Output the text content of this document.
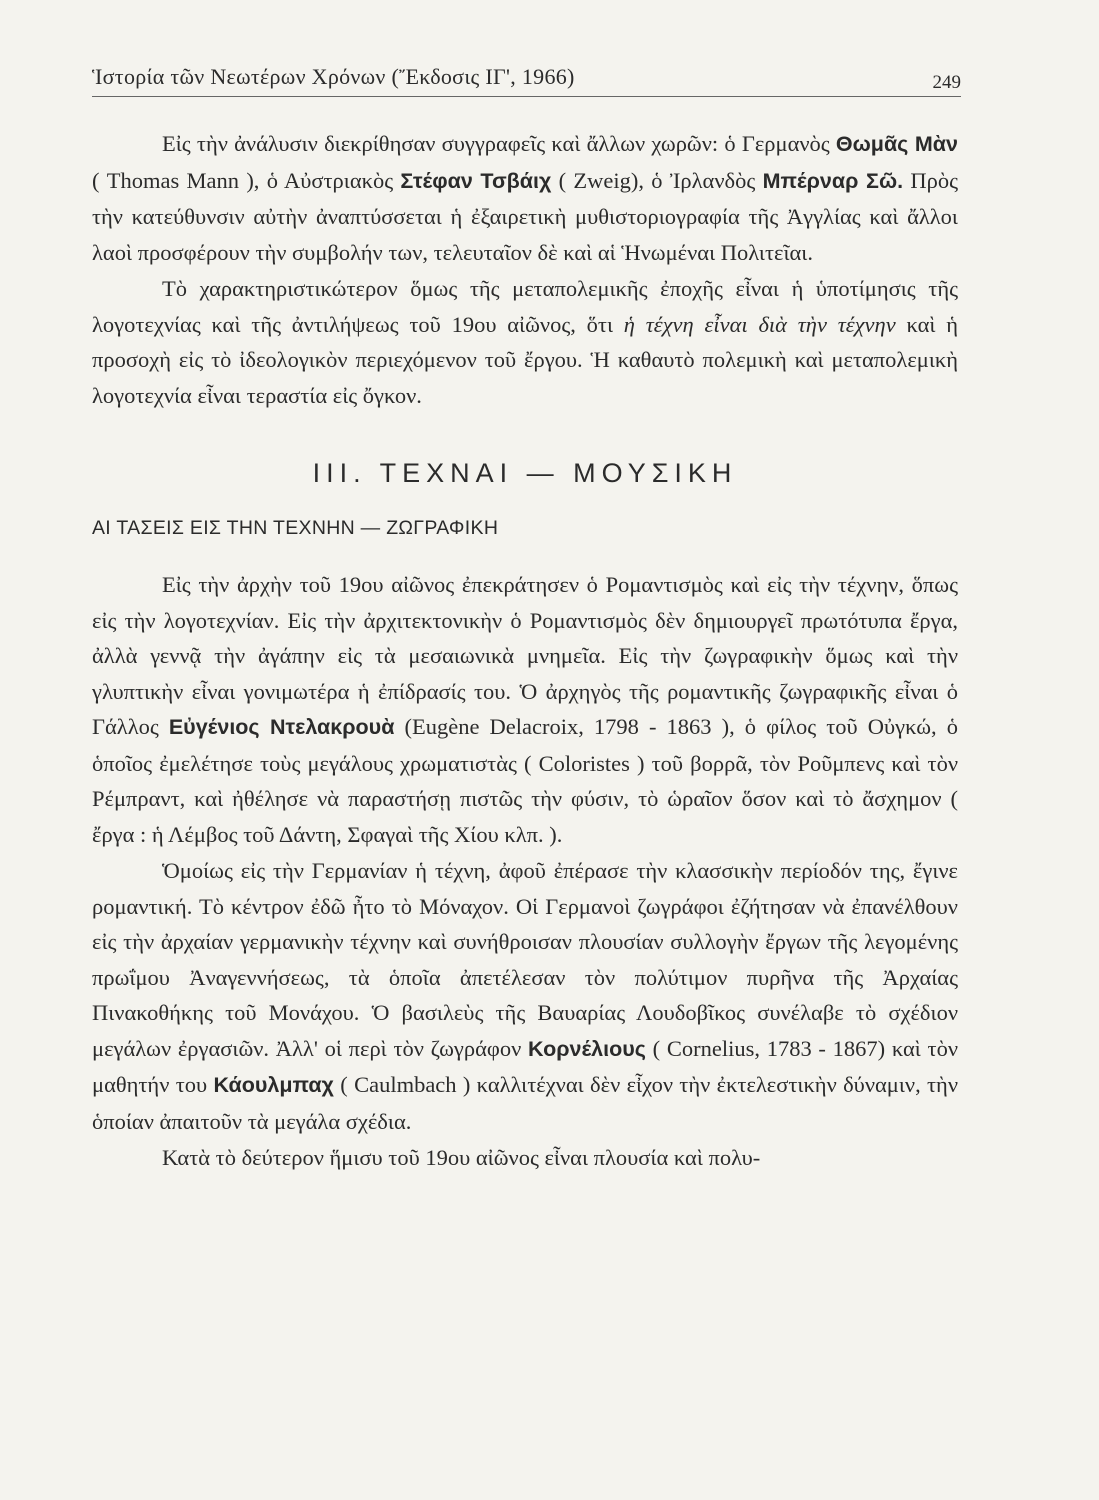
Ἱστορία τῶν Νεωτέρων Χρόνων (Ἔκδοσις ΙΓ', 1966)	249

Εἰς τὴν ἀνάλυσιν διεκρίθησαν συγγραφεῖς καὶ ἄλλων χωρῶν: ὁ Γερμανὸς Θωμᾶς Μὰν ( Thomas Mann ), ὁ Αὐστριακὸς Στέφαν Τσβάιχ ( Zweig), ὁ Ἰρλανδὸς Μπέρναρ Σῶ. Πρὸς τὴν κατεύθυνσιν αὐτὴν ἀναπτύσσεται ἡ ἐξαιρετικὴ μυθιστοριογραφία τῆς Ἀγγλίας καὶ ἄλλοι λαοὶ προσφέρουν τὴν συμβολήν των, τελευταῖον δὲ καὶ αἱ Ἡνωμέναι Πολιτεῖαι.

Τὸ χαρακτηριστικώτερον ὅμως τῆς μεταπολεμικῆς ἐποχῆς εἶναι ἡ ὑποτίμησις τῆς λογοτεχνίας καὶ τῆς ἀντιλήψεως τοῦ 19ου αἰῶνος, ὅτι ἡ τέχνη εἶναι διὰ τὴν τέχνην καὶ ἡ προσοχὴ εἰς τὸ ἰδεολογικὸν περιεχόμενον τοῦ ἔργου. Ἡ καθαυτὸ πολεμικὴ καὶ μεταπολεμικὴ λογοτεχνία εἶναι τεραστία εἰς ὄγκον.

ΙΙΙ. ΤΕΧΝΑΙ — ΜΟΥΣΙΚΗ
ΑΙ ΤΑΣΕΙΣ ΕΙΣ ΤΗΝ ΤΕΧΝΗΝ — ΖΩΓΡΑΦΙΚΗ

Εἰς τὴν ἀρχὴν τοῦ 19ου αἰῶνος ἐπεκράτησεν ὁ Ρομαντισμὸς καὶ εἰς τὴν τέχνην, ὅπως εἰς τὴν λογοτεχνίαν. Εἰς τὴν ἀρχιτεκτονικὴν ὁ Ρομαντισμὸς δὲν δημιουργεῖ πρωτότυπα ἔργα, ἀλλὰ γεννᾷ τὴν ἀγάπην εἰς τὰ μεσαιωνικὰ μνημεῖα. Εἰς τὴν ζωγραφικὴν ὅμως καὶ τὴν γλυπτικὴν εἶναι γονιμωτέρα ἡ ἐπίδρασίς του. Ὁ ἀρχηγὸς τῆς ρομαντικῆς ζωγραφικῆς εἶναι ὁ Γάλλος Εὐγένιος Ντελακρουὰ (Eugène Delacroix, 1798 - 1863 ), ὁ φίλος τοῦ Οὐγκώ, ὁ ὁποῖος ἐμελέτησε τοὺς μεγάλους χρωματιστὰς ( Coloristes ) τοῦ βορρᾶ, τὸν Ροῦμπενς καὶ τὸν Ρέμπραντ, καὶ ἠθέλησε νὰ παραστήσῃ πιστῶς τὴν φύσιν, τὸ ὡραῖον ὅσον καὶ τὸ ἄσχημον ( ἔργα : ἡ Λέμβος τοῦ Δάντη, Σφαγαὶ τῆς Χίου κλπ. ).

Ὁμοίως εἰς τὴν Γερμανίαν ἡ τέχνη, ἀφοῦ ἐπέρασε τὴν κλασσικὴν περίοδόν της, ἔγινε ρομαντική. Τὸ κέντρον ἐδῶ ἦτο τὸ Μόναχον. Οἱ Γερμανοὶ ζωγράφοι ἐζήτησαν νὰ ἐπανέλθουν εἰς τὴν ἀρχαίαν γερμανικὴν τέχνην καὶ συνήθροισαν πλουσίαν συλλογὴν ἔργων τῆς λεγομένης πρωΐμου Ἀναγεννήσεως, τὰ ὁποῖα ἀπετέλεσαν τὸν πολύτιμον πυρῆνα τῆς Ἀρχαίας Πινακοθήκης τοῦ Μονάχου. Ὁ βασιλεὺς τῆς Βαυαρίας Λουδοβῖκος συνέλαβε τὸ σχέδιον μεγάλων ἐργασιῶν. Ἀλλ' οἱ περὶ τὸν ζωγράφον Κορνέλιους ( Cornelius, 1783 - 1867) καὶ τὸν μαθητήν του Κάουλμπαχ ( Caulmbach ) καλλιτέχναι δὲν εἶχον τὴν ἐκτελεστικὴν δύναμιν, τὴν ὁποίαν ἀπαιτοῦν τὰ μεγάλα σχέδια.

Κατὰ τὸ δεύτερον ἥμισυ τοῦ 19ου αἰῶνος εἶναι πλουσία καὶ πολυ-
